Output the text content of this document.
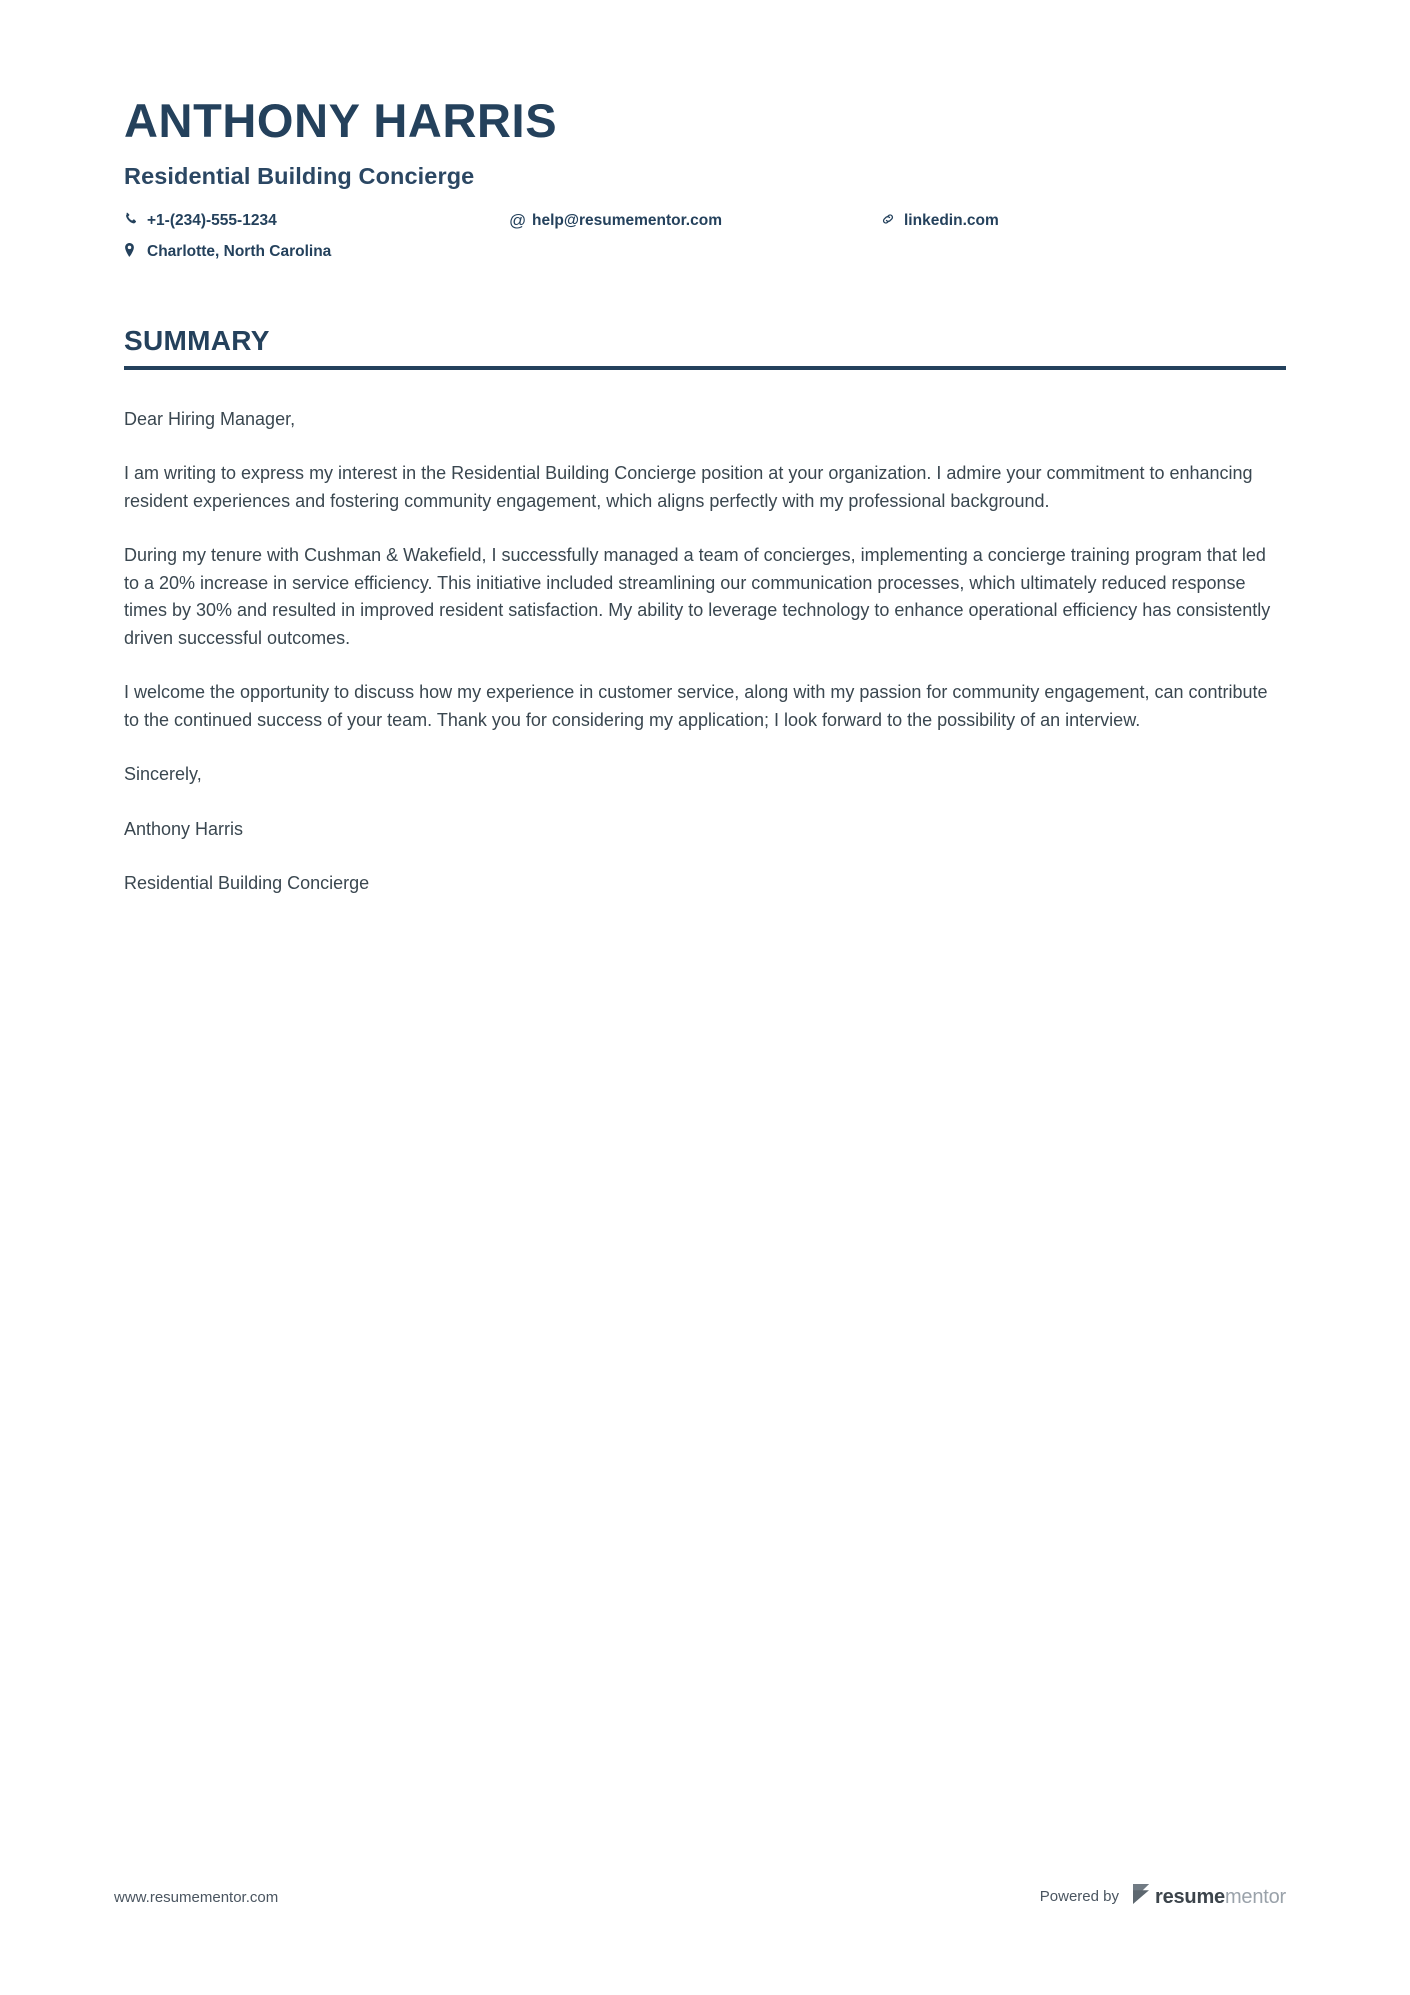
ANTHONY HARRIS
Residential Building Concierge
+1-(234)-555-1234	@ help@resumementor.com	linkedin.com
Charlotte, North Carolina
SUMMARY

Dear Hiring Manager,

I am writing to express my interest in the Residential Building Concierge position at your organization. I admire your commitment to enhancing resident experiences and fostering community engagement, which aligns perfectly with my professional background.

During my tenure with Cushman & Wakefield, I successfully managed a team of concierges, implementing a concierge training program that led to a 20% increase in service efficiency. This initiative included streamlining our communication processes, which ultimately reduced response times by 30% and resulted in improved resident satisfaction. My ability to leverage technology to enhance operational efficiency has consistently driven successful outcomes.

I welcome the opportunity to discuss how my experience in customer service, along with my passion for community engagement, can contribute to the continued success of your team. Thank you for considering my application; I look forward to the possibility of an interview.

Sincerely,

Anthony Harris

Residential Building Concierge

www.resumementor.com	Powered by resumementor
